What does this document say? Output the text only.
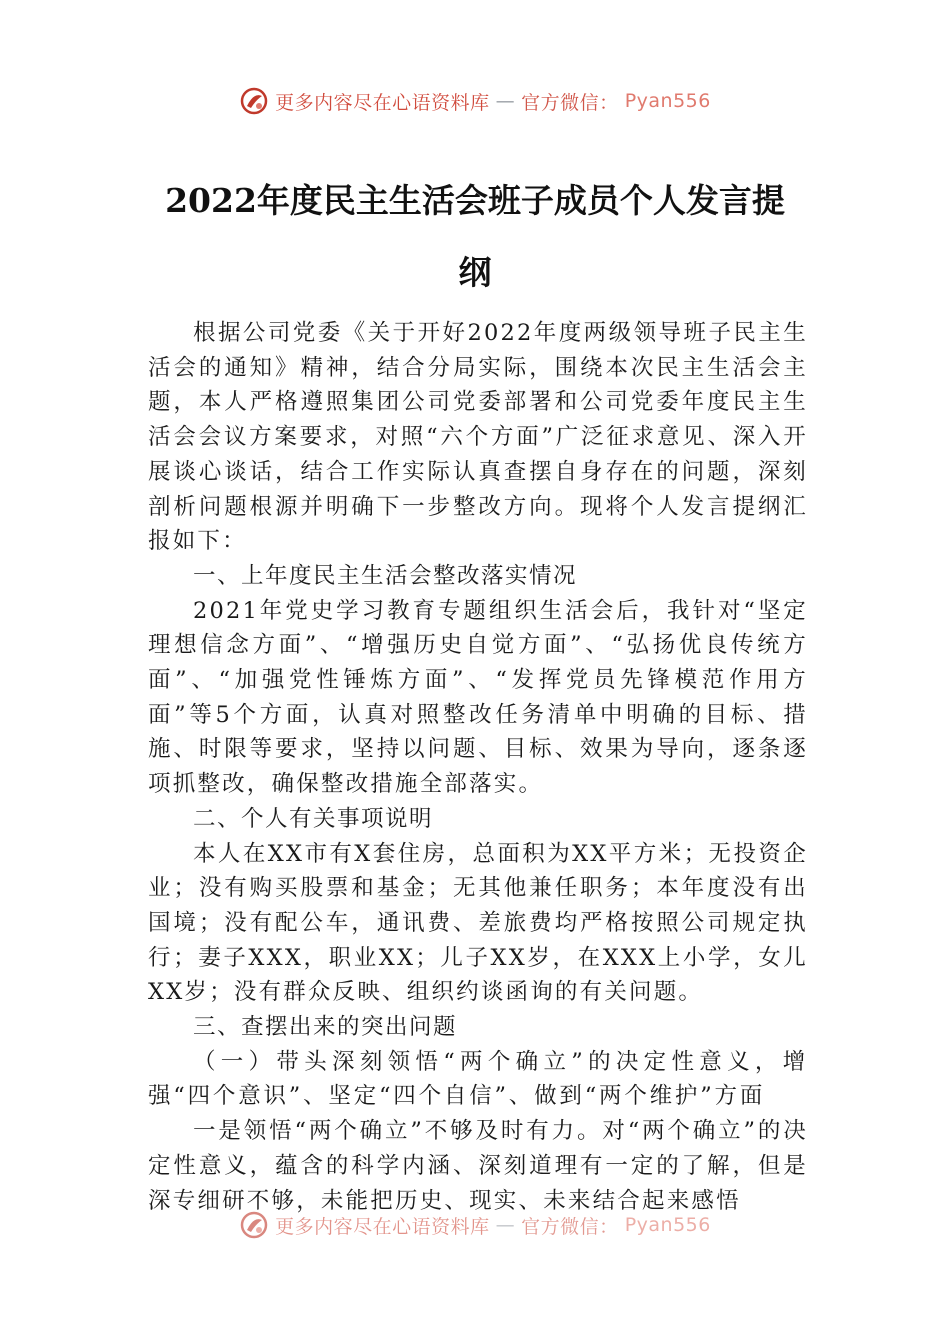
更多内容尽在心语资料库 — 官方微信： Pyan556
2022年度民主生活会班子成员个人发言提纲

根据公司党委《关于开好2022年度两级领导班子民主生活会的通知》精神，结合分局实际，围绕本次民主生活会主题，本人严格遵照集团公司党委部署和公司党委年度民主生活会会议方案要求，对照“六个方面”广泛征求意见、深入开展谈心谈话，结合工作实际认真查摆自身存在的问题，深刻剖析问题根源并明确下一步整改方向。现将个人发言提纲汇报如下：

一、上年度民主生活会整改落实情况

2021年党史学习教育专题组织生活会后，我针对“坚定理想信念方面”、“增强历史自觉方面”、“弘扬优良传统方面”、“加强党性锤炼方面”、“发挥党员先锋模范作用方面”等5个方面，认真对照整改任务清单中明确的目标、措施、时限等要求，坚持以问题、目标、效果为导向，逐条逐项抓整改，确保整改措施全部落实。

二、个人有关事项说明

本人在XX市有X套住房，总面积为XX平方米；无投资企业；没有购买股票和基金；无其他兼任职务；本年度没有出国境；没有配公车，通讯费、差旅费均严格按照公司规定执行；妻子XXX，职业XX；儿子XX岁，在XXX上小学，女儿XX岁；没有群众反映、组织约谈函询的有关问题。

三、查摆出来的突出问题

（一）带头深刻领悟“两个确立”的决定性意义，增强“四个意识”、坚定“四个自信”、做到“两个维护”方面

一是领悟“两个确立”不够及时有力。对“两个确立”的决定性意义，蕴含的科学内涵、深刻道理有一定的了解，但是深专细研不够，未能把历史、现实、未来结合起来感悟

更多内容尽在心语资料库 — 官方微信： Pyan556
